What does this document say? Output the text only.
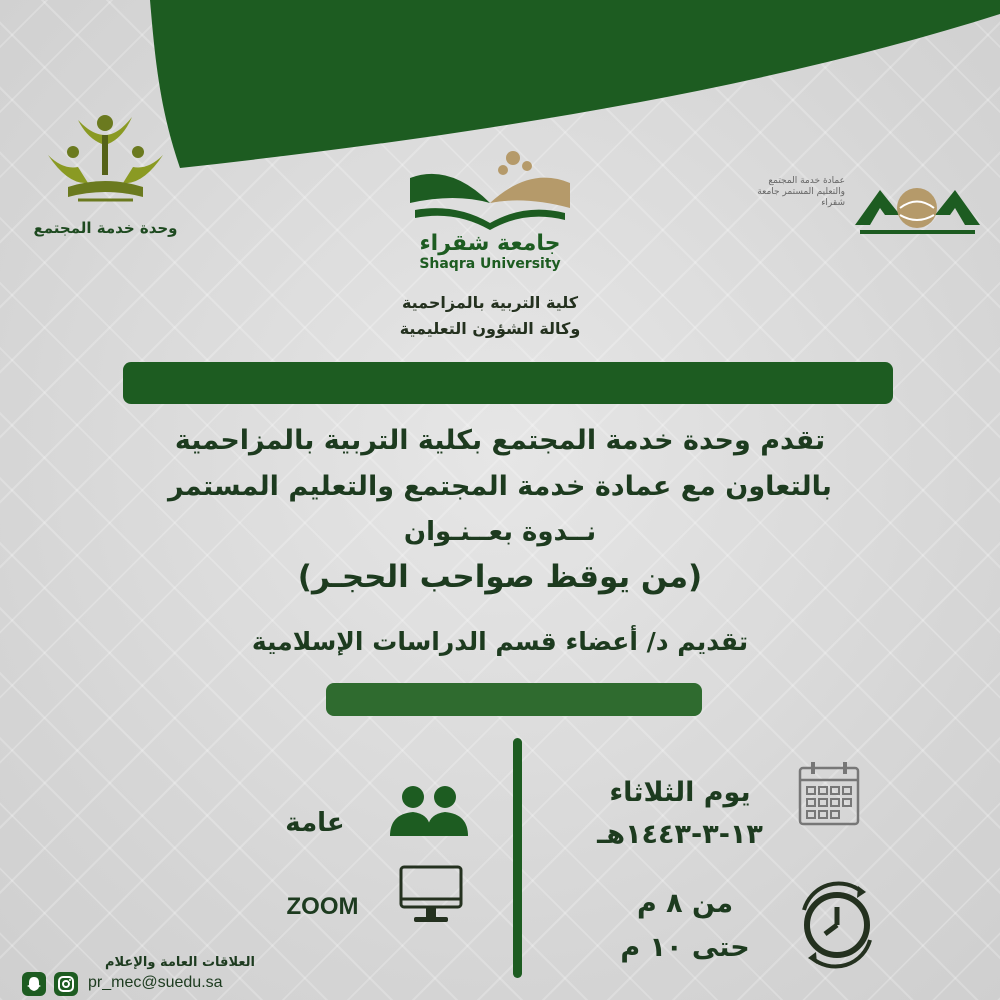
وحدة خدمة المجتمع
جامعة شقراء
Shaqra University
كلية التربية بالمزاحمية
وكالة الشؤون التعليمية
عمادة خدمة المجتمع والتعليم المستمر جامعة شقراء
تقدم وحدة خدمة المجتمع بكلية التربية بالمزاحمية
بالتعاون مع عمادة خدمة المجتمع والتعليم المستمر
نــدوة بعــنـوان
(من يوقظ صواحب الحجـر)
تقديم د/ أعضاء قسم الدراسات الإسلامية
يوم الثلاثاء
١٣-٣-١٤٤٣هـ
من ٨ م
حتى ١٠ م
عامة
ZOOM
العلاقات العامة والإعلام
pr_mec@suedu.sa
